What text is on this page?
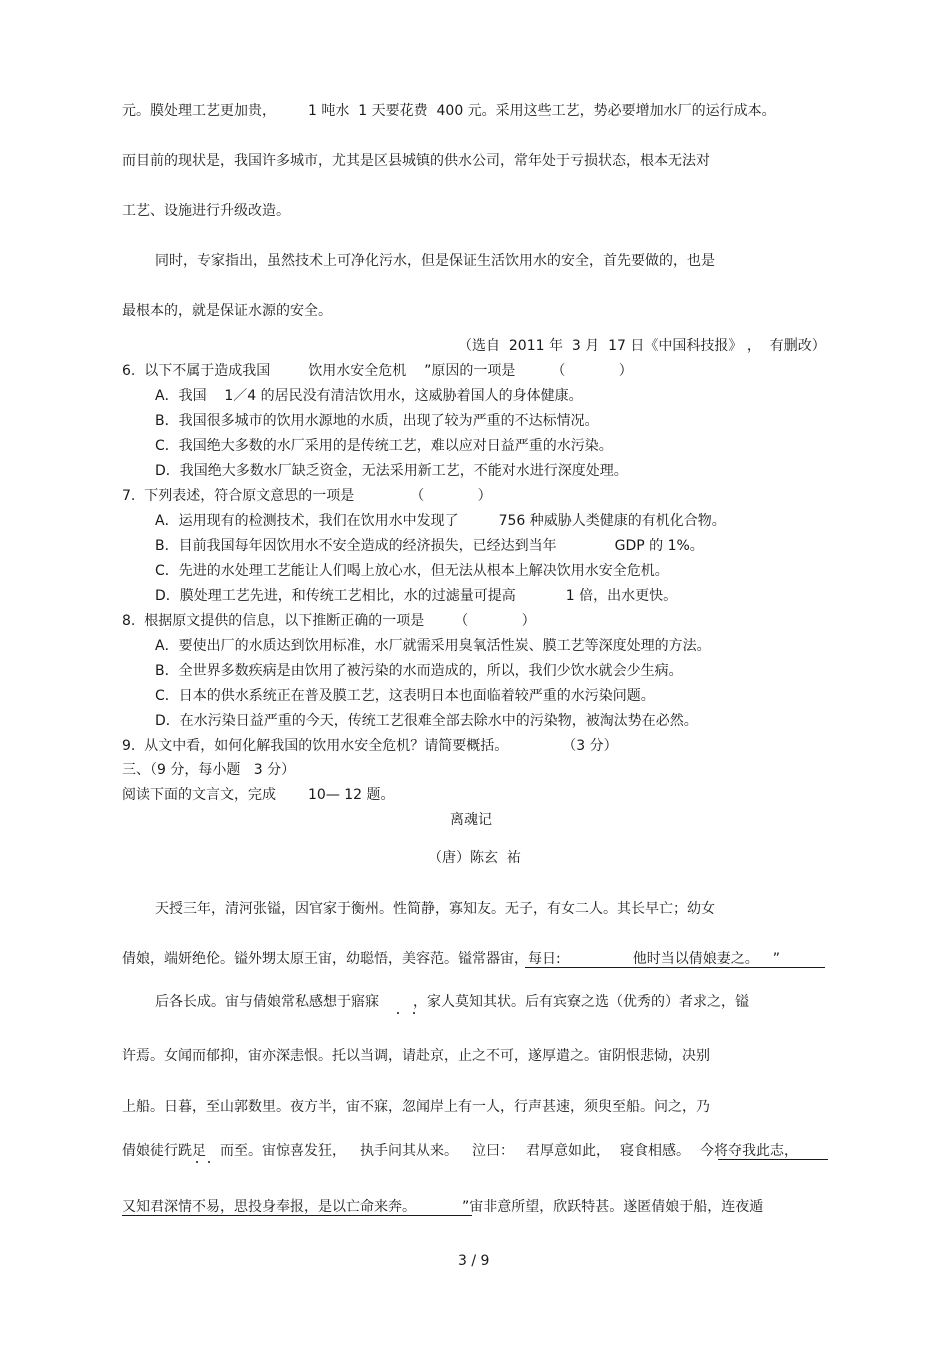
元。膜处理工艺更加贵， 1 吨水  1 天要花费  400 元。采用这些工艺，势必要增加水厂的运行成本。
而目前的现状是，我国许多城市，尤其是区县城镇的供水公司，常年处于亏损状态，根本无法对
工艺、设施进行升级改造。
同时，专家指出，虽然技术上可净化污水，但是保证生活饮用水的安全，首先要做的，也是
最根本的，就是保证水源的安全。
（选自  2011 年  3 月  17 日《中国科技报》 ，  有删改）
6.  以下不属于造成我国	饮用水安全危机    ”原因的一项是	（            ）
A．我国    1／4 的居民没有清洁饮用水，这威胁着国人的身体健康。
B．我国很多城市的饮用水源地的水质，出现了较为严重的不达标情况。
C．我国绝大多数的水厂采用的是传统工艺，难以应对日益严重的水污染。
D．我国绝大多数水厂缺乏资金，无法采用新工艺，不能对水进行深度处理。
7.  下列表述，符合原文意思的一项是	（            ）
A．运用现有的检测技术，我们在饮用水中发现了	756 种威胁人类健康的有机化合物。
B．目前我国每年因饮用水不安全造成的经济损失，已经达到当年	GDP 的 1%。
C．先进的水处理工艺能让人们喝上放心水，但无法从根本上解决饮用水安全危机。
D．膜处理工艺先进，和传统工艺相比，水的过滤量可提高	1 倍，出水更快。
8.  根据原文提供的信息，以下推断正确的一项是 （            ）
A．要使出厂的水质达到饮用标准，水厂就需采用臭氧活性炭、膜工艺等深度处理的方法。
B．全世界多数疾病是由饮用了被污染的水而造成的，所以，我们少饮水就会少生病。
C．日本的供水系统正在普及膜工艺，这表明日本也面临着较严重的水污染问题。
D．在水污染日益严重的今天，传统工艺很难全部去除水中的污染物，被淘汰势在必然。
9.  从文中看，如何化解我国的饮用水安全危机？请简要概括。	（3 分）
三、（9 分，每小题   3 分）
阅读下面的文言文，完成 10— 12 题。
离魂记
（唐）陈玄  祐
天授三年，清河张镒，因官家于衡州。性简静，寡知友。无子，有女二人。其长早亡；幼女
倩娘，端妍绝伦。镒外甥太原王宙，幼聪悟，美容范。镒常器宙，每日:	他时当以倩娘妻之。 ”
后各长成。宙与倩娘常私感想于寤寐 ，家人莫知其状。后有宾寮之选（优秀的）者求之，镒
许焉。女闻而郁抑，宙亦深恚恨。托以当调，请赴京，止之不可，遂厚遣之。宙阴恨悲恸，决别
上船。日暮，至山郭数里。夜方半，宙不寐，忽闻岸上有一人，行声甚速，须臾至船。问之，乃
倩娘徒行跣足 而至。宙惊喜发狂， 执手问其从来。 泣曰： 君厚意如此， 寝食相感。 今将夺我此志，
又知君深情不易，思投身奉报，是以亡命来奔。	”宙非意所望，欣跃特甚。遂匿倩娘于船，连夜遁
3 / 9
